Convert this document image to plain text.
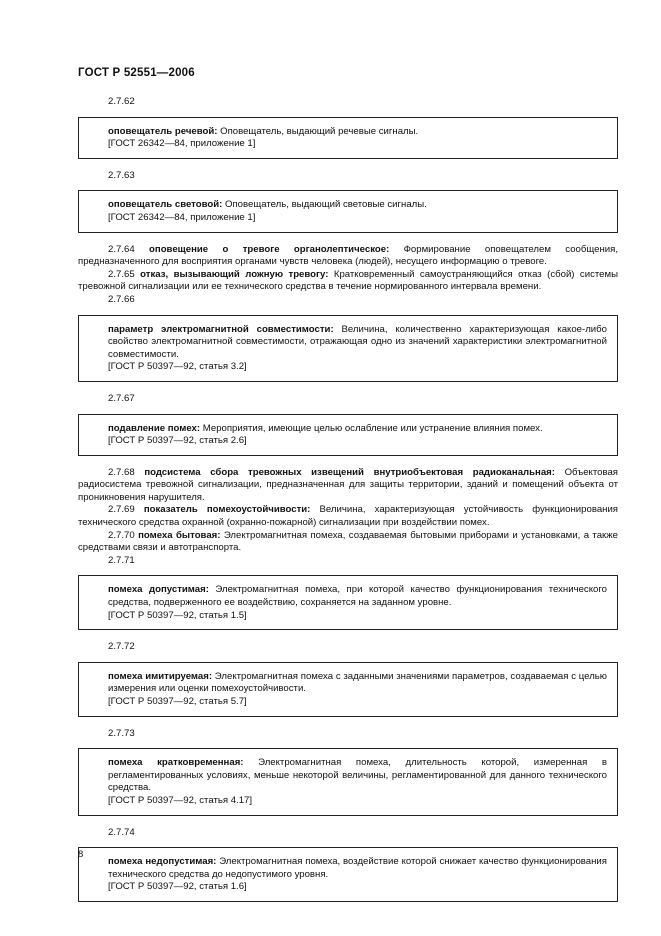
ГОСТ Р 52551—2006

2.7.62

оповещатель речевой: Оповещатель, выдающий речевые сигналы.

[ГОСТ 26342—84, приложение 1]

2.7.63

оповещатель световой: Оповещатель, выдающий световые сигналы.

[ГОСТ 26342—84, приложение 1]

2.7.64 оповещение о тревоге органолептическое: Формирование оповещателем сообщения, предназначенного для восприятия органами чувств человека (людей), несущего информацию о тревоге.

2.7.65 отказ, вызывающий ложную тревогу: Кратковременный самоустраняющийся отказ (сбой) системы тревожной сигнализации или ее технического средства в течение нормированного интервала времени.

2.7.66

параметр электромагнитной совместимости: Величина, количественно характеризующая какое-либо свойство электромагнитной совместимости, отражающая одно из значений характеристики электромагнитной совместимости.

[ГОСТ Р 50397—92, статья 3.2]

2.7.67

подавление помех: Мероприятия, имеющие целью ослабление или устранение влияния помех.

[ГОСТ Р 50397—92, статья 2.6]

2.7.68 подсистема сбора тревожных извещений внутриобъектовая радиоканальная: Объектовая радиосистема тревожной сигнализации, предназначенная для защиты территории, зданий и помещений объекта от проникновения нарушителя.

2.7.69 показатель помехоустойчивости: Величина, характеризующая устойчивость функционирования технического средства охранной (охранно-пожарной) сигнализации при воздействии помех.

2.7.70 помеха бытовая: Электромагнитная помеха, создаваемая бытовыми приборами и установками, а также средствами связи и автотранспорта.

2.7.71

помеха допустимая: Электромагнитная помеха, при которой качество функционирования технического средства, подверженного ее воздействию, сохраняется на заданном уровне.

[ГОСТ Р 50397—92, статья 1.5]

2.7.72

помеха имитируемая: Электромагнитная помеха с заданными значениями параметров, создаваемая с целью измерения или оценки помехоустойчивости.

[ГОСТ Р 50397—92, статья 5.7]

2.7.73

помеха кратковременная: Электромагнитная помеха, длительность которой, измеренная в регламентированных условиях, меньше некоторой величины, регламентированной для данного технического средства.

[ГОСТ Р 50397—92, статья 4.17]

2.7.74

помеха недопустимая: Электромагнитная помеха, воздействие которой снижает качество функционирования технического средства до недопустимого уровня.

[ГОСТ Р 50397—92, статья 1.6]
8
